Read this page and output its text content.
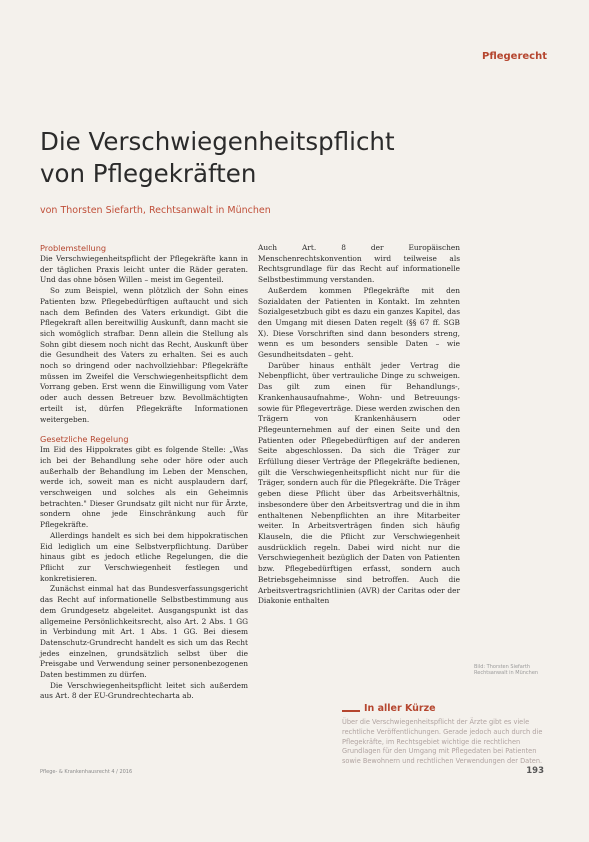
Pflegerecht
Die Verschwiegenheitspflicht
von Pflegekräften
von Thorsten Siefarth, Rechtsanwalt in München
Problemstellung

Die Verschwiegenheitspflicht der Pflegekräfte kann in der täglichen Praxis leicht unter die Räder geraten. Und das ohne bösen Willen – meist im Gegenteil.

So zum Beispiel, wenn plötzlich der Sohn eines Patienten bzw. Pflegebedürftigen auftaucht und sich nach dem Befinden des Vaters erkundigt. Gibt die Pflegekraft allen bereitwillig Auskunft, dann macht sie sich womöglich strafbar. Denn allein die Stellung als Sohn gibt diesem noch nicht das Recht, Auskunft über die Gesundheit des Vaters zu erhalten. Sei es auch noch so dringend oder nachvollziehbar: Pflegekräfte müssen im Zweifel die Verschwiegenheitspflicht dem Vorrang geben. Erst wenn die Einwilligung vom Vater oder auch dessen Betreuer bzw. Bevollmächtigten erteilt ist, dürfen Pflegekräfte Informationen weitergeben.

Gesetzliche Regelung

Im Eid des Hippokrates gibt es folgende Stelle: „Was ich bei der Behandlung sehe oder höre oder auch außerhalb der Behandlung im Leben der Menschen, werde ich, soweit man es nicht ausplaudern darf, verschweigen und solches als ein Geheimnis betrachten." Dieser Grundsatz gilt nicht nur für Ärzte, sondern ohne jede Einschränkung auch für Pflegekräfte.

Allerdings handelt es sich bei dem hippokratischen Eid lediglich um eine Selbstverpflichtung. Darüber hinaus gibt es jedoch etliche Regelungen, die die Pflicht zur Verschwiegenheit festlegen und konkretisieren.

Zunächst einmal hat das Bundesverfassungsgericht das Recht auf informationelle Selbstbestimmung aus dem Grundgesetz abgeleitet. Ausgangspunkt ist das allgemeine Persönlichkeitsrecht, also Art. 2 Abs. 1 GG in Verbindung mit Art. 1 Abs. 1 GG. Bei diesem Datenschutz-Grundrecht handelt es sich um das Recht jedes einzelnen, grundsätzlich selbst über die Preisgabe und Verwendung seiner personenbezogenen Daten bestimmen zu dürfen.

Die Verschwiegenheitspflicht leitet sich außerdem aus Art. 8 der EU-Grundrechtecharta ab.

Auch Art. 8 der Europäischen Menschenrechtskonvention wird teilweise als Rechtsgrundlage für das Recht auf informationelle Selbstbestimmung verstanden.

Außerdem kommen Pflegekräfte mit den Sozialdaten der Patienten in Kontakt. Im zehnten Sozialgesetzbuch gibt es dazu ein ganzes Kapitel, das den Umgang mit diesen Daten regelt (§§ 67 ff. SGB X). Diese Vorschriften sind dann besonders streng, wenn es um besonders sensible Daten – wie Gesundheitsdaten – geht.

Darüber hinaus enthält jeder Vertrag die Nebenpflicht, über vertrauliche Dinge zu schweigen. Das gilt zum einen für Behandlungs-, Krankenhausaufnahme-, Wohn- und Betreuungs- sowie für Pflegeverträge. Diese werden zwischen den Trägern von Krankenhäusern oder Pflegeunternehmen auf der einen Seite und den Patienten oder Pflegebedürftigen auf der anderen Seite abgeschlossen. Da sich die Träger zur Erfüllung dieser Verträge der Pflegekräfte bedienen, gilt die Verschwiegenheitspflicht nicht nur für die Träger, sondern auch für die Pflegekräfte. Die Träger geben diese Pflicht über das Arbeitsverhältnis, insbesondere über den Arbeitsvertrag und die in ihm enthaltenen Nebenpflichten an ihre Mitarbeiter weiter. In Arbeitsverträgen finden sich häufig Klauseln, die die Pflicht zur Verschwiegenheit ausdrücklich regeln. Dabei wird nicht nur die Verschwiegenheit bezüglich der Daten von Patienten bzw. Pflegebedürftigen erfasst, sondern auch Betriebsgeheimnisse sind betroffen. Auch die Arbeitsvertragsrichtlinien (AVR) der Caritas oder der Diakonie enthalten

Bild: Thorsten Siefarth Rechtsanwalt in München
In aller Kürze
Über die Verschwiegenheitspflicht der Ärzte gibt es viele rechtliche Veröffentlichungen. Gerade jedoch auch durch die Pflegekräfte, im Rechtsgebiet wichtige die rechtlichen Grundlagen für den Umgang mit Pflegedaten bei Patienten sowie Bewohnern und rechtlichen Verwendungen der Daten.
Pflege- & Krankenhausrecht 4 / 2016	193
